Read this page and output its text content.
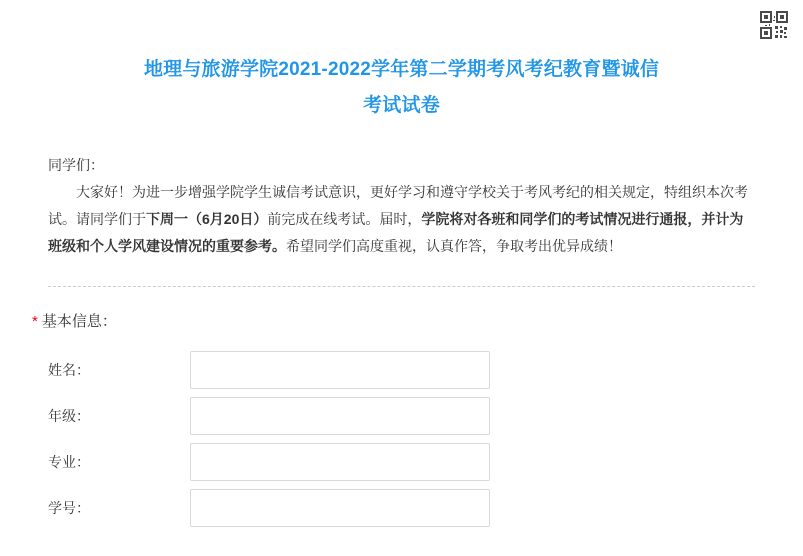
地理与旅游学院2021-2022学年第二学期考风考纪教育暨诚信
考试试卷

同学们：

大家好！为进一步增强学院学生诚信考试意识，更好学习和遵守学校关于考风考纪的相关规定，特组织本次考试。请同学们于下周一（6月20日）前完成在线考试。届时，学院将对各班和同学们的考试情况进行通报，并计为班级和个人学风建设情况的重要参考。希望同学们高度重视，认真作答，争取考出优异成绩！

* 基本信息：
姓名：
年级：
专业：
学号：
